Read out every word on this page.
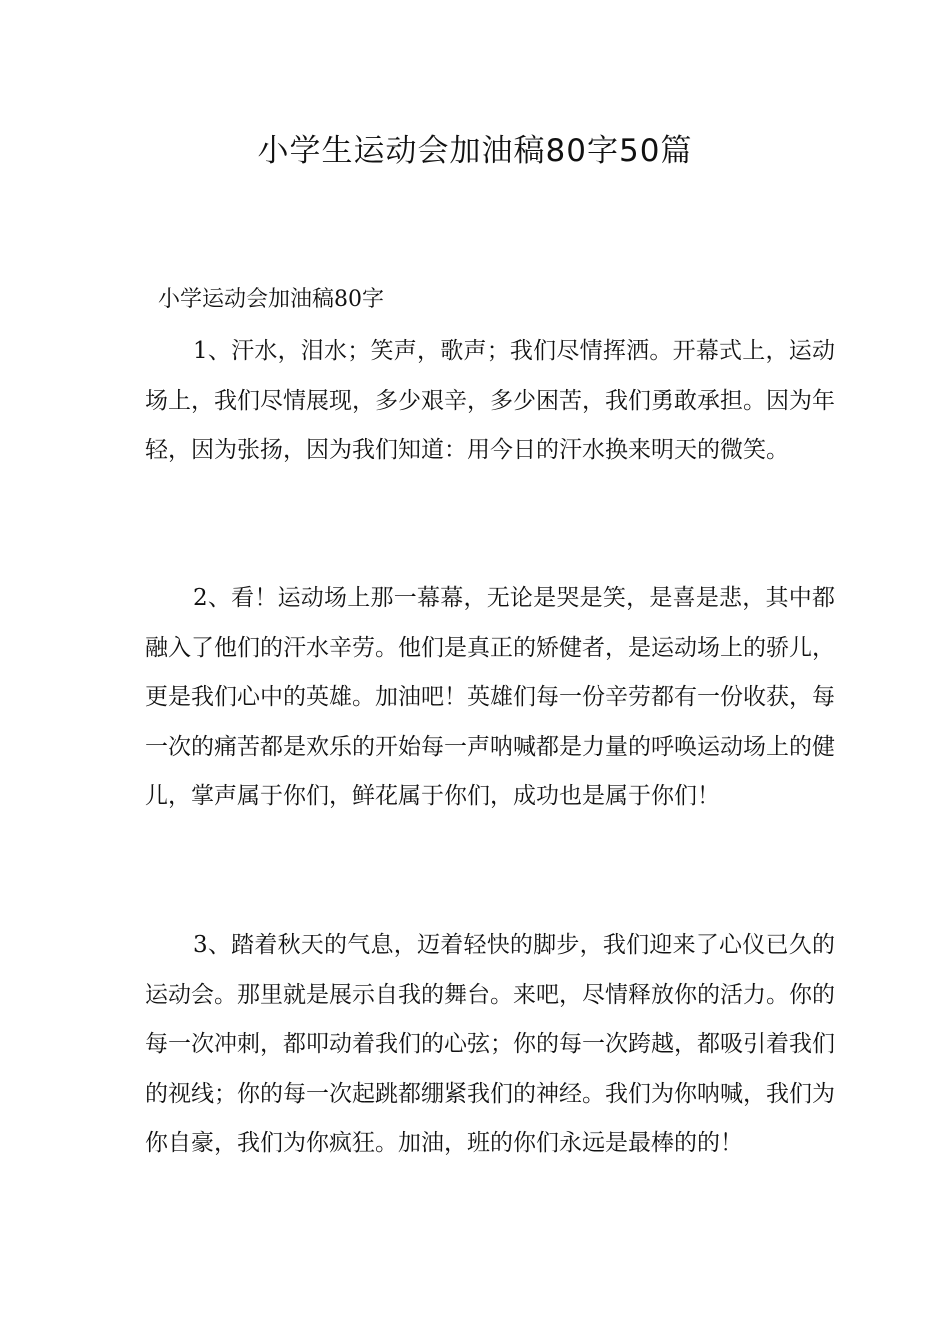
小学生运动会加油稿80字50篇

小学运动会加油稿80字

1、汗水，泪水；笑声，歌声；我们尽情挥洒。开幕式上，运动场上，我们尽情展现，多少艰辛，多少困苦，我们勇敢承担。因为年轻，因为张扬，因为我们知道：用今日的汗水换来明天的微笑。

2、看！运动场上那一幕幕，无论是哭是笑，是喜是悲，其中都融入了他们的汗水辛劳。他们是真正的矫健者，是运动场上的骄儿，更是我们心中的英雄。加油吧！英雄们每一份辛劳都有一份收获，每一次的痛苦都是欢乐的开始每一声呐喊都是力量的呼唤运动场上的健儿，掌声属于你们，鲜花属于你们，成功也是属于你们！

3、踏着秋天的气息，迈着轻快的脚步，我们迎来了心仪已久的运动会。那里就是展示自我的舞台。来吧，尽情释放你的活力。你的每一次冲刺，都叩动着我们的心弦；你的每一次跨越，都吸引着我们的视线；你的每一次起跳都绷紧我们的神经。我们为你呐喊，我们为你自豪，我们为你疯狂。加油，班的你们永远是最棒的的！
